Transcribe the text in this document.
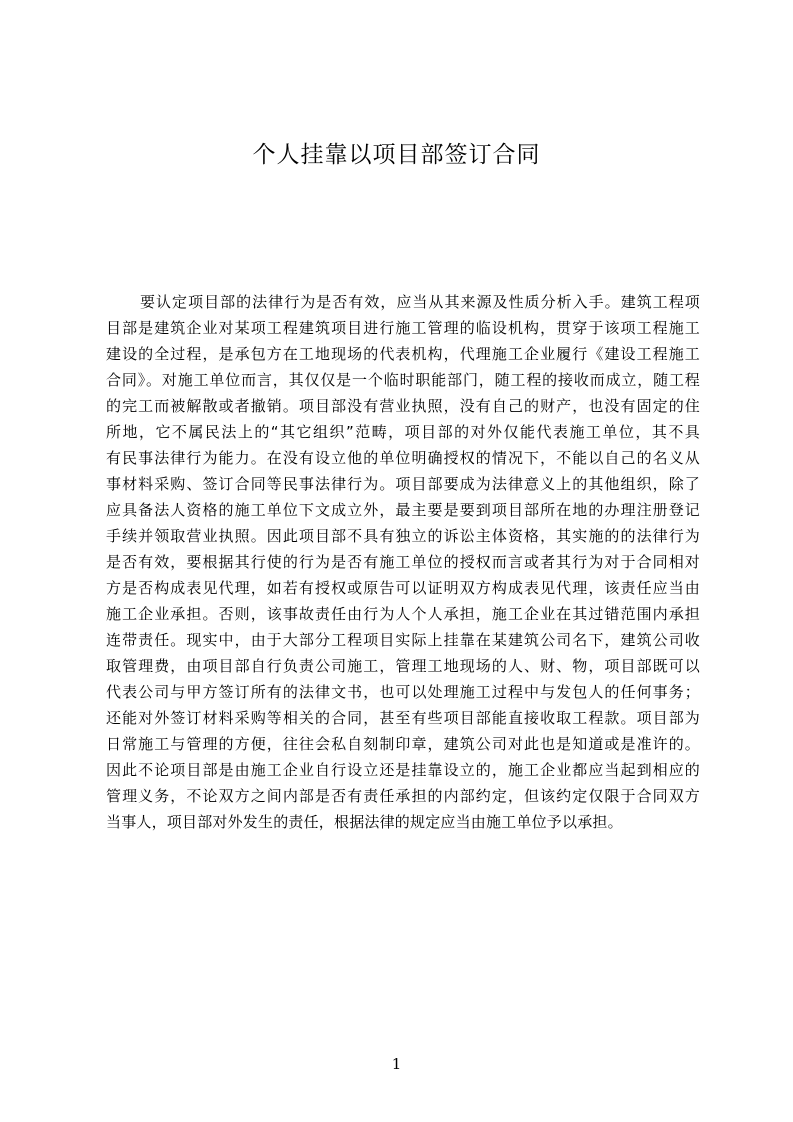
个人挂靠以项目部签订合同
要认定项目部的法律行为是否有效，应当从其来源及性质分析入手。建筑工程项
目部是建筑企业对某项工程建筑项目进行施工管理的临设机构，贯穿于该项工程施工
建设的全过程，是承包方在工地现场的代表机构，代理施工企业履行《建设工程施工
合同》。对施工单位而言，其仅仅是一个临时职能部门，随工程的接收而成立，随工程
的完工而被解散或者撤销。项目部没有营业执照，没有自己的财产，也没有固定的住
所地，它不属民法上的“其它组织”范畴，项目部的对外仅能代表施工单位，其不具
有民事法律行为能力。在没有设立他的单位明确授权的情况下，不能以自己的名义从
事材料采购、签订合同等民事法律行为。项目部要成为法律意义上的其他组织，除了
应具备法人资格的施工单位下文成立外，最主要是要到项目部所在地的办理注册登记
手续并领取营业执照。因此项目部不具有独立的诉讼主体资格，其实施的的法律行为
是否有效，要根据其行使的行为是否有施工单位的授权而言或者其行为对于合同相对
方是否构成表见代理，如若有授权或原告可以证明双方构成表见代理，该责任应当由
施工企业承担。否则，该事故责任由行为人个人承担，施工企业在其过错范围内承担
连带责任。现实中，由于大部分工程项目实际上挂靠在某建筑公司名下，建筑公司收
取管理费，由项目部自行负责公司施工，管理工地现场的人、财、物，项目部既可以
代表公司与甲方签订所有的法律文书，也可以处理施工过程中与发包人的任何事务；
还能对外签订材料采购等相关的合同，甚至有些项目部能直接收取工程款。项目部为
日常施工与管理的方便，往往会私自刻制印章，建筑公司对此也是知道或是准许的。
因此不论项目部是由施工企业自行设立还是挂靠设立的，施工企业都应当起到相应的
管理义务，不论双方之间内部是否有责任承担的内部约定，但该约定仅限于合同双方
当事人，项目部对外发生的责任，根据法律的规定应当由施工单位予以承担。
1
